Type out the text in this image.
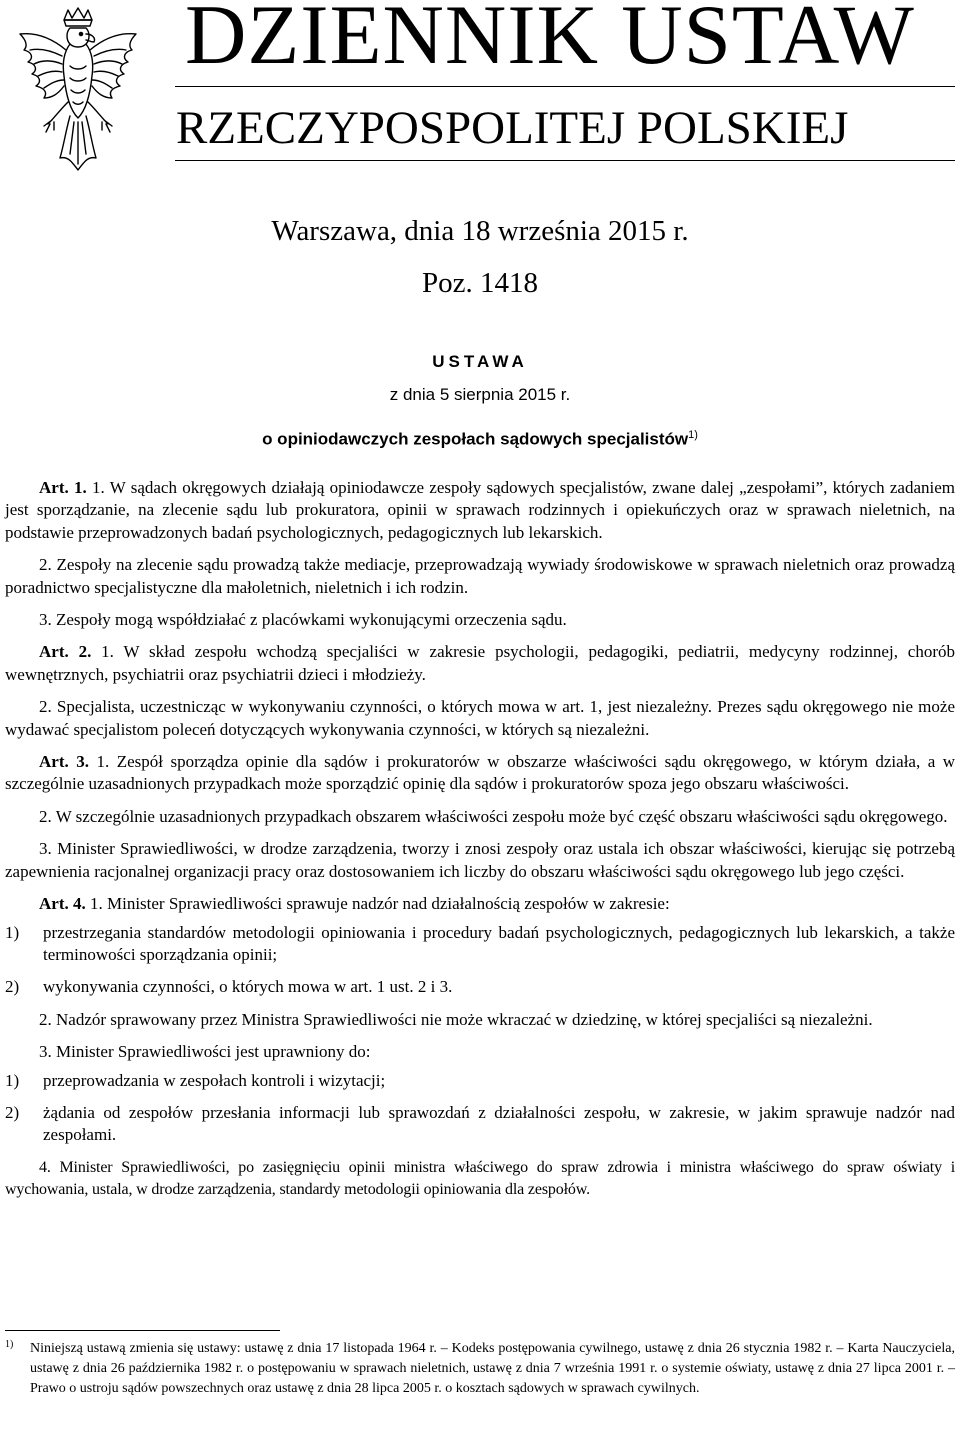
DZIENNIK USTAW
RZECZYPOSPOLITEJ POLSKIEJ
Warszawa, dnia 18 września 2015 r.
Poz. 1418
USTAWA
z dnia 5 sierpnia 2015 r.
o opiniodawczych zespołach sądowych specjalistów$^{1)}$

Art. 1. 1. W sądach okręgowych działają opiniodawcze zespoły sądowych specjalistów, zwane dalej „zespołami”, których zadaniem jest sporządzanie, na zlecenie sądu lub prokuratora, opinii w sprawach rodzinnych i opiekuńczych oraz w sprawach nieletnich, na podstawie przeprowadzonych badań psychologicznych, pedagogicznych lub lekarskich.

2. Zespoły na zlecenie sądu prowadzą także mediacje, przeprowadzają wywiady środowiskowe w sprawach nieletnich oraz prowadzą poradnictwo specjalistyczne dla małoletnich, nieletnich i ich rodzin.

3. Zespoły mogą współdziałać z placówkami wykonującymi orzeczenia sądu.

Art. 2. 1. W skład zespołu wchodzą specjaliści w zakresie psychologii, pedagogiki, pediatrii, medycyny rodzinnej, chorób wewnętrznych, psychiatrii oraz psychiatrii dzieci i młodzieży.

2. Specjalista, uczestnicząc w wykonywaniu czynności, o których mowa w art. 1, jest niezależny. Prezes sądu okręgowego nie może wydawać specjalistom poleceń dotyczących wykonywania czynności, w których są niezależni.

Art. 3. 1. Zespół sporządza opinie dla sądów i prokuratorów w obszarze właściwości sądu okręgowego, w którym działa, a w szczególnie uzasadnionych przypadkach może sporządzić opinię dla sądów i prokuratorów spoza jego obszaru właściwości.

2. W szczególnie uzasadnionych przypadkach obszarem właściwości zespołu może być część obszaru właściwości sądu okręgowego.

3. Minister Sprawiedliwości, w drodze zarządzenia, tworzy i znosi zespoły oraz ustala ich obszar właściwości, kierując się potrzebą zapewnienia racjonalnej organizacji pracy oraz dostosowaniem ich liczby do obszaru właściwości sądu okręgowego lub jego części.

Art. 4. 1. Minister Sprawiedliwości sprawuje nadzór nad działalnością zespołów w zakresie:

1)	przestrzegania standardów metodologii opiniowania i procedury badań psychologicznych, pedagogicznych lub lekarskich, a także terminowości sporządzania opinii;
2)	wykonywania czynności, o których mowa w art. 1 ust. 2 i 3.

2. Nadzór sprawowany przez Ministra Sprawiedliwości nie może wkraczać w dziedzinę, w której specjaliści są niezależni.

3. Minister Sprawiedliwości jest uprawniony do:

1)	przeprowadzania w zespołach kontroli i wizytacji;
2)	żądania od zespołów przesłania informacji lub sprawozdań z działalności zespołu, w zakresie, w jakim sprawuje nadzór nad zespołami.

4. Minister Sprawiedliwości, po zasięgnięciu opinii ministra właściwego do spraw zdrowia i ministra właściwego do spraw oświaty i wychowania, ustala, w drodze zarządzenia, standardy metodologii opiniowania dla zespołów.

1)	Niniejszą ustawą zmienia się ustawy: ustawę z dnia 17 listopada 1964 r. – Kodeks postępowania cywilnego, ustawę z dnia 26 stycznia 1982 r. – Karta Nauczyciela, ustawę z dnia 26 października 1982 r. o postępowaniu w sprawach nieletnich, ustawę z dnia 7 września 1991 r. o systemie oświaty, ustawę z dnia 27 lipca 2001 r. – Prawo o ustroju sądów powszechnych oraz ustawę z dnia 28 lipca 2005 r. o kosztach sądowych w sprawach cywilnych.
